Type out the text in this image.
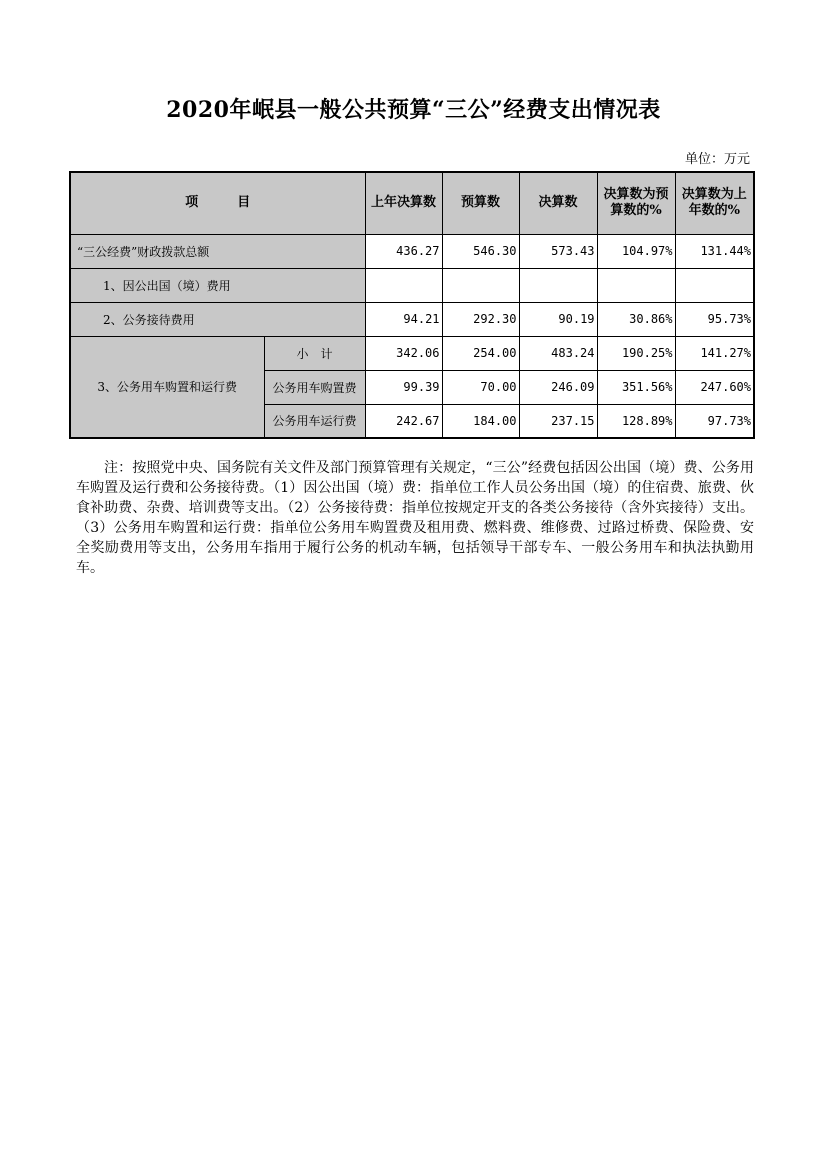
2020年岷县一般公共预算“三公”经费支出情况表
单位：万元
项　　　目		上年决算数	预算数	决算数	决算数为预算数的%	决算数为上年数的%
“三公经费”财政拨款总额		436.27	546.30	573.43	104.97%	131.44%
1、因公出国（境）费用						
2、公务接待费用		94.21	292.30	90.19	30.86%	95.73%
3、公务用车购置和运行费	小　计	342.06	254.00	483.24	190.25%	141.27%
	公务用车购置费	99.39	70.00	246.09	351.56%	247.60%
	公务用车运行费	242.67	184.00	237.15	128.89%	97.73%
注：按照党中央、国务院有关文件及部门预算管理有关规定，“三公”经费包括因公出国（境）费、公务用车购置及运行费和公务接待费。（1）因公出国（境）费：指单位工作人员公务出国（境）的住宿费、旅费、伙食补助费、杂费、培训费等支出。（2）公务接待费：指单位按规定开支的各类公务接待（含外宾接待）支出。（3）公务用车购置和运行费：指单位公务用车购置费及租用费、燃料费、维修费、过路过桥费、保险费、安全奖励费用等支出，公务用车指用于履行公务的机动车辆，包括领导干部专车、一般公务用车和执法执勤用车。
